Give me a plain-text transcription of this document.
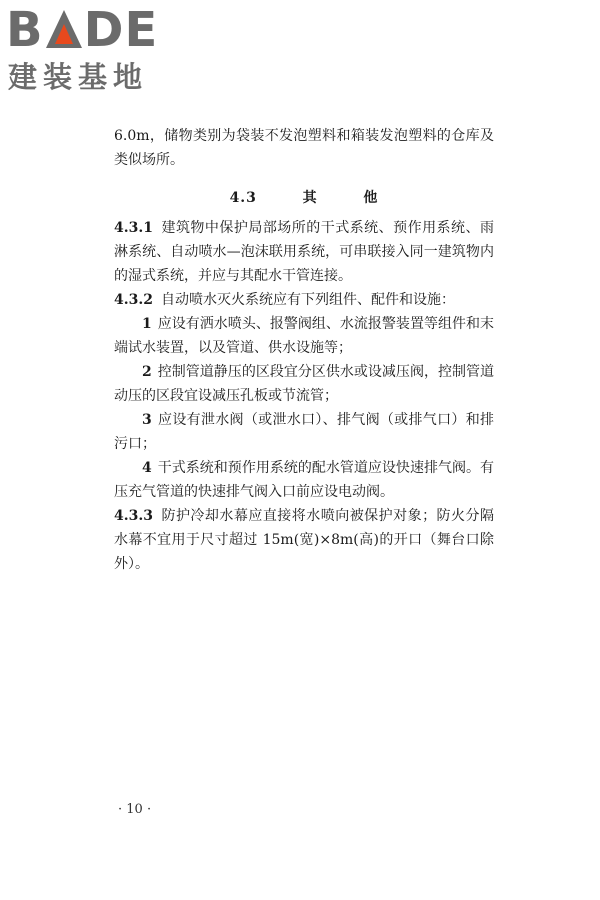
B DE
建装基地

6.0m，储物类别为袋装不发泡塑料和箱装发泡塑料的仓库及类似场所。

4.3	其	他

4.3.1 建筑物中保护局部场所的干式系统、预作用系统、雨淋系统、自动喷水—泡沫联用系统，可串联接入同一建筑物内的湿式系统，并应与其配水干管连接。

4.3.2 自动喷水灭火系统应有下列组件、配件和设施：

1 应设有洒水喷头、报警阀组、水流报警装置等组件和末端试水装置，以及管道、供水设施等；

2 控制管道静压的区段宜分区供水或设减压阀，控制管道动压的区段宜设减压孔板或节流管；

3 应设有泄水阀（或泄水口）、排气阀（或排气口）和排污口；

4 干式系统和预作用系统的配水管道应设快速排气阀。有压充气管道的快速排气阀入口前应设电动阀。

4.3.3 防护冷却水幕应直接将水喷向被保护对象；防火分隔水幕不宜用于尺寸超过 15m(宽)×8m(高)的开口（舞台口除外）。

· 10 ·
